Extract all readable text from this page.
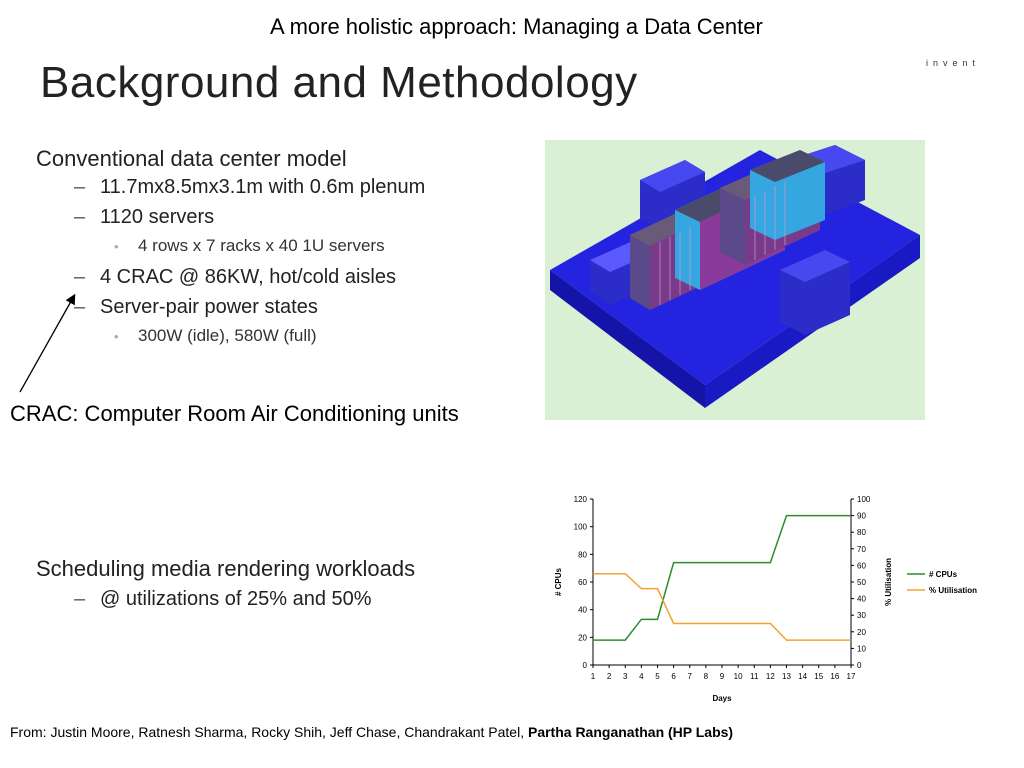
A more holistic approach: Managing a Data Center
invent
Background and Methodology
Conventional data center model
– 11.7mx8.5mx3.1m with 0.6m plenum
– 1120 servers
•	4 rows x 7 racks x 40 1U servers
– 4 CRAC @ 86KW, hot/cold aisles
– Server-pair power states
•	300W (idle), 580W (full)
CRAC: Computer Room Air Conditioning units
Scheduling media rendering workloads
– @ utilizations of 25% and 50%
0
20
40
60
80
100
120
0
10
20
30
40
50
60
70
80
90
100
1 2 3 4 5 6 7 8 9 10 11 12 13 14 15 16 17
Days
# CPUs	% Utilisation	# CPUs
% Utilisation
From: Justin Moore, Ratnesh Sharma, Rocky Shih, Jeff Chase, Chandrakant Patel, Partha Ranganathan (HP Labs)
